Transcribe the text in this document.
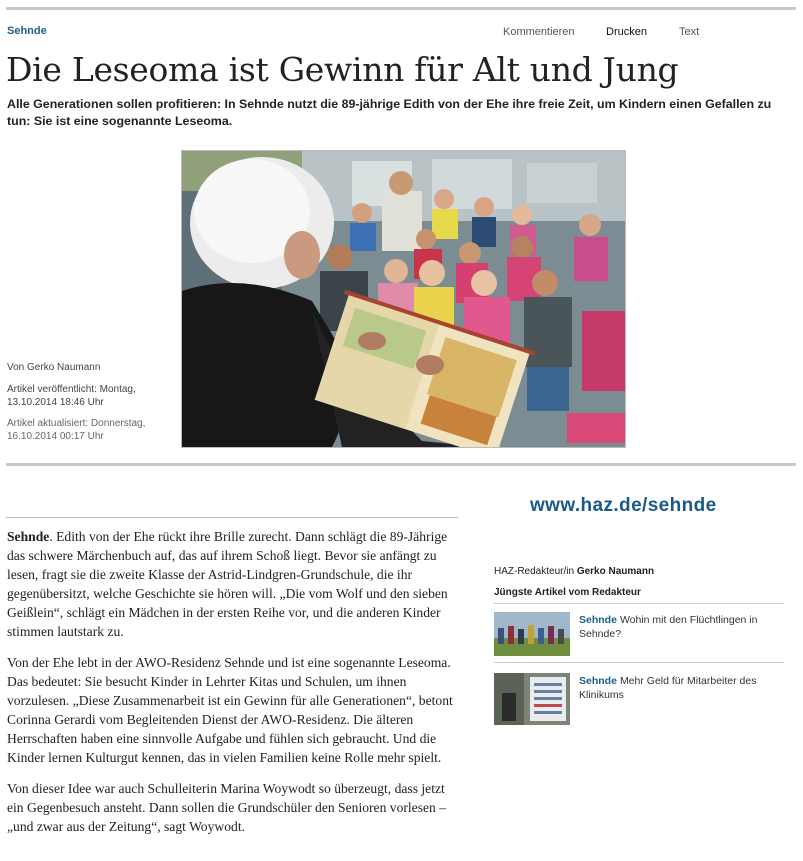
Sehnde	Kommentieren	Drucken	Text
Die Leseoma ist Gewinn für Alt und Jung

Alle Generationen sollen profitieren: In Sehnde nutzt die 89-jährige Edith von der Ehe ihre freie Zeit, um Kindern einen Gefallen zu tun: Sie ist eine sogenannte Leseoma.

Von Gerko Naumann
Artikel veröffentlicht: Montag, 13.10.2014 18:46 Uhr
Artikel aktualisiert: Donnerstag, 16.10.2014 00:17 Uhr

Sehnde. Edith von der Ehe rückt ihre Brille zurecht. Dann schlägt die 89-Jährige das schwere Märchenbuch auf, das auf ihrem Schoß liegt. Bevor sie anfängt zu lesen, fragt sie die zweite Klasse der Astrid-Lindgren-Grundschule, die ihr gegenübersitzt, welche Geschichte sie hören will. „Die vom Wolf und den sieben Geißlein“, schlägt ein Mädchen in der ersten Reihe vor, und die anderen Kinder stimmen lautstark zu.

Von der Ehe lebt in der AWO-Residenz Sehnde und ist eine sogenannte Leseoma. Das bedeutet: Sie besucht Kinder in Lehrter Kitas und Schulen, um ihnen vorzulesen. „Diese Zusammenarbeit ist ein Gewinn für alle Generationen“, betont Corinna Gerardi vom Begleitenden Dienst der AWO-Residenz. Die älteren Herrschaften haben eine sinnvolle Aufgabe und fühlen sich gebraucht. Und die Kinder lernen Kulturgut kennen, das in vielen Familien keine Rolle mehr spielt.

Von dieser Idee war auch Schulleiterin Marina Woywodt so überzeugt, dass jetzt ein Gegenbesuch ansteht. Dann sollen die Grundschüler den Senioren vorlesen – „und zwar aus der Zeitung“, sagt Woywodt.

www.haz.de/sehnde
HAZ-Redakteur/in Gerko Naumann
Jüngste Artikel vom Redakteur
Sehnde Wohin mit den Flüchtlingen in Sehnde?
Sehnde Mehr Geld für Mitarbeiter des Klinikums
